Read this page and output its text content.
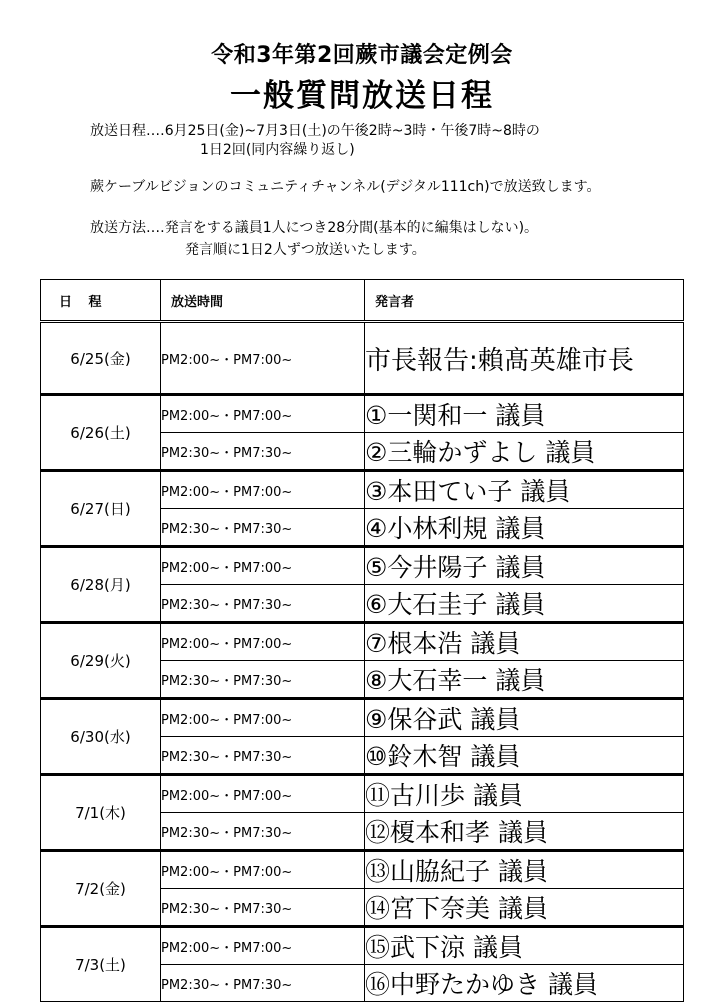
令和3年第2回蕨市議会定例会
一般質問放送日程
放送日程‥‥6月25日(金)~7月3日(土)の午後2時~3時・午後7時~8時の
1日2回(同内容繰り返し)
蕨ケーブルビジョンのコミュニティチャンネル(デジタル111ch)で放送致します。
放送方法‥‥発言をする議員1人につき28分間(基本的に編集はしない)。
発言順に1日2人ずつ放送いたします。
日 程	放送時間	発言者

6/25(金)	PM2:00~・PM7:00~	市長報告:賴髙英雄市長
6/26(土)	PM2:00~・PM7:00~	①一関和一 議員
	PM2:30~・PM7:30~	②三輪かずよし 議員
6/27(日)	PM2:00~・PM7:00~	③本田てい子 議員
	PM2:30~・PM7:30~	④小林利規 議員
6/28(月)	PM2:00~・PM7:00~	⑤今井陽子 議員
	PM2:30~・PM7:30~	⑥大石圭子 議員
6/29(火)	PM2:00~・PM7:00~	⑦根本浩 議員
	PM2:30~・PM7:30~	⑧大石幸一 議員
6/30(水)	PM2:00~・PM7:00~	⑨保谷武 議員
	PM2:30~・PM7:30~	⑩鈴木智 議員
7/1(木)	PM2:00~・PM7:00~	⑪古川歩 議員
	PM2:30~・PM7:30~	⑫榎本和孝 議員
7/2(金)	PM2:00~・PM7:00~	⑬山脇紀子 議員
	PM2:30~・PM7:30~	⑭宮下奈美 議員
7/3(土)	PM2:00~・PM7:00~	⑮武下涼 議員
	PM2:30~・PM7:30~	⑯中野たかゆき 議員
